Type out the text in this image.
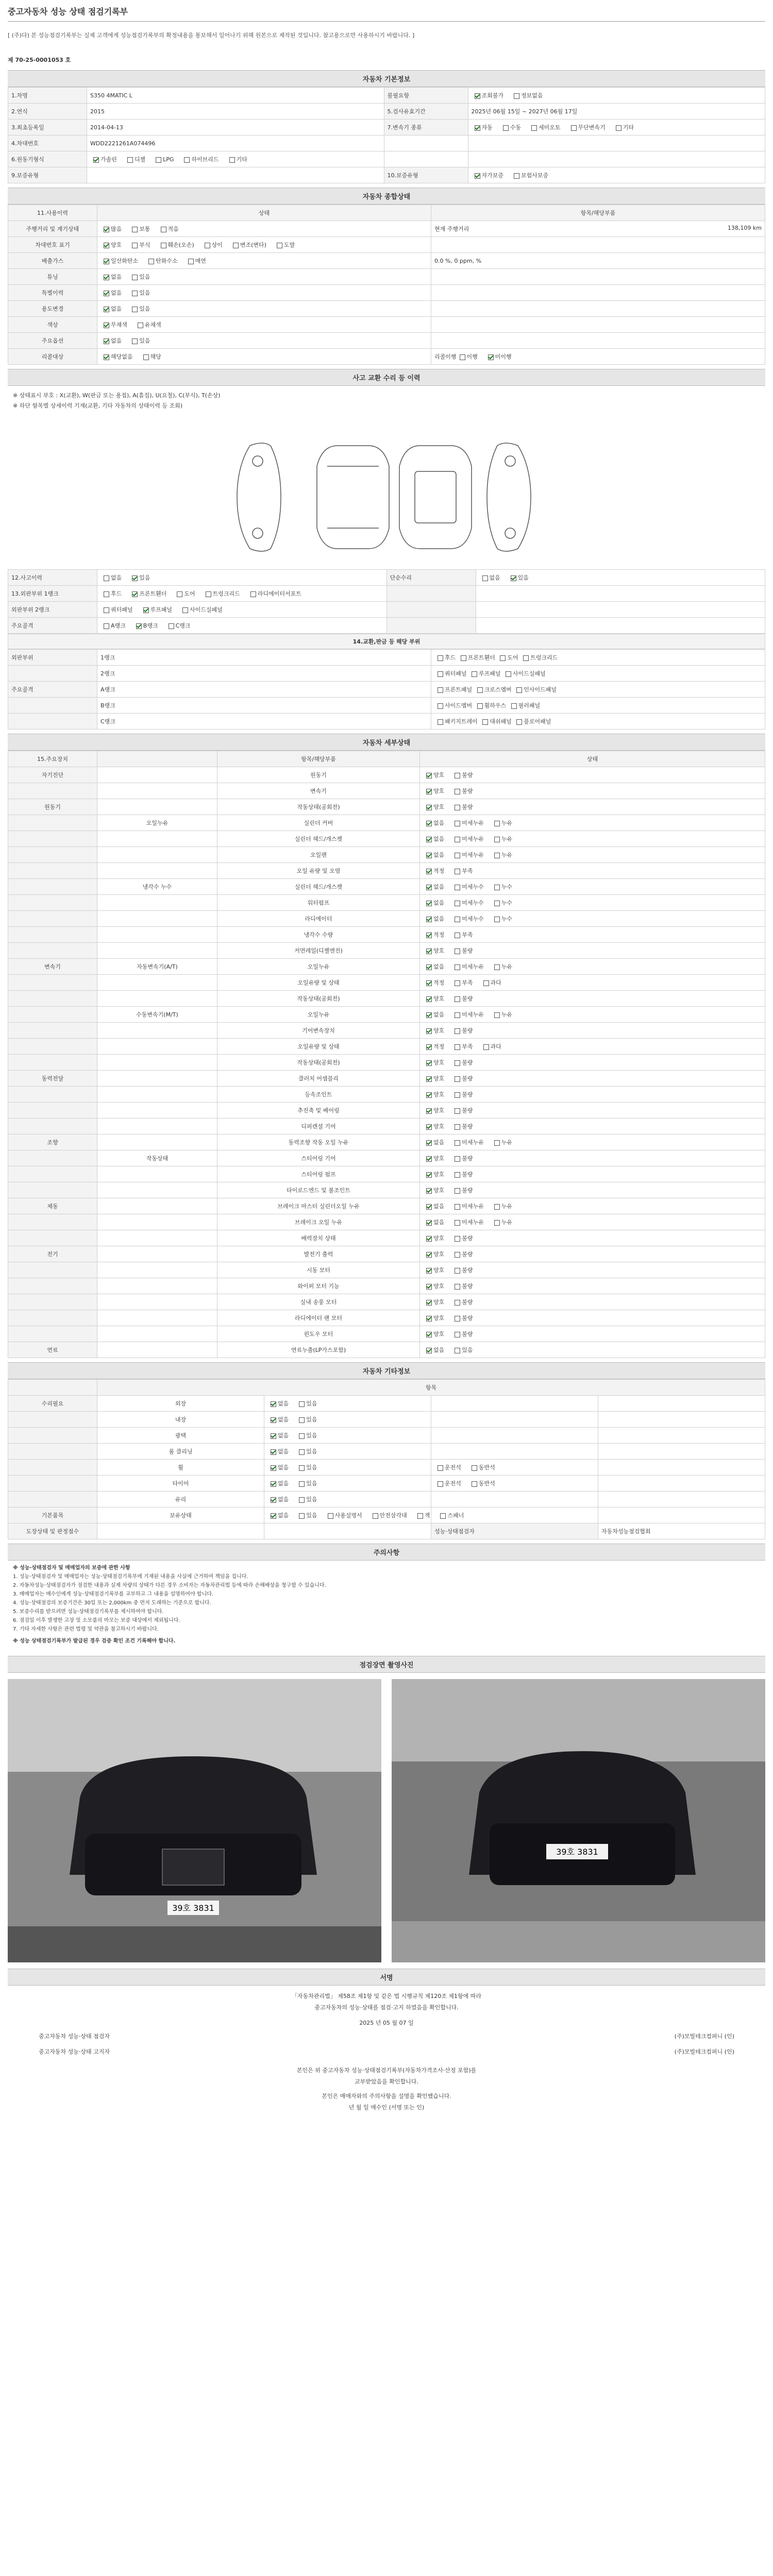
중고자동차 성능 상태 점검기록부
[ (주)다) 본 성능점검기록부는 실제 고객에게 성능점검기록부의 확정내용을 통보해서 일어나기 위해 원본으로 제작된 것입니다. 참고용으로만 사용하시기 바랍니다. ]
제 70-25-0001053 호
자동차 기본정보
1.차명	S350 4MATIC L	불필요항	조회불가 정보없음
2.연식	2015	5.검사유효기간	2025년 06월 15일 ~ 2027년 06월 17일
3.최초등록일	2014-04-13	7.변속기 종류	자동 수동 세미오토 무단변속기 기타
4.차대번호	WDD2221261A074496		
6.원동기형식	가솔린 디젤 LPG 하이브리드 기타		
9.보증유형		10.보증유형	자가보증 보험사보증
자동차 종합상태
11.사용이력	상태	항목/해당부품
주행거리 및 계기상태	많음 보통 적음	현재 주행거리 138,109 km

차대번호 표기	양호 부식 훼손(오손) 상이 변조(변타) 도말	
배출가스	일산화탄소 탄화수소 매연	0.0 %, 0 ppm, %
튜닝	없음 있음	
특별이력	없음 있음	
용도변경	없음 있음	
색상	무채색 유채색	
주요옵션	없음 있음	
리콜대상	해당없음 해당	리콜이행 이행 미이행
사고 교환 수리 등 이력
※ 상태표시 부호 : X(교환), W(판금 또는 용접), A(흠집), U(요철), C(부식), T(손상)
※ 하단 항목별 상세이력 기재(교환, 기타 자동차의 상태이력 등 조회)
12.사고이력	없음 있음	단순수리	없음 있음
13.외판부위 1랭크	후드 프론트휀더 도어 트렁크리드 라디에이터서포트		
외판부위 2랭크	쿼터패널 루프패널 사이드실패널		
주요골격	A랭크 B랭크 C랭크		
14.교환,판금 등 해당 부위
외판부위	1랭크	후드 프론트휀더 도어 트렁크리드
	2랭크	쿼터패널 루프패널 사이드실패널
주요골격	A랭크	프론트패널 크로스멤버 인사이드패널
	B랭크	사이드멤버 휠하우스 필러패널
	C랭크	패키지트레이 대쉬패널 플로어패널
자동차 세부상태
15.주요장치		항목/해당부품	상태
자기진단		원동기	양호 불량
		변속기	양호 불량
원동기		작동상태(공회전)	양호 불량
	오일누유	실린더 커버	없음 미세누유 누유
		실린더 헤드/개스켓	없음 미세누유 누유
		오일팬	없음 미세누유 누유
		오일 유량 및 오염	적정 부족
	냉각수 누수	실린더 헤드/개스켓	없음 미세누수 누수
		워터펌프	없음 미세누수 누수
		라디에이터	없음 미세누수 누수
		냉각수 수량	적정 부족
		커먼레일(디젤엔진)	양호 불량
변속기	자동변속기(A/T)	오일누유	없음 미세누유 누유
		오일유량 및 상태	적정 부족 과다
		작동상태(공회전)	양호 불량
	수동변속기(M/T)	오일누유	없음 미세누유 누유
		기어변속장치	양호 불량
		오일유량 및 상태	적정 부족 과다
		작동상태(공회전)	양호 불량
동력전달		클러치 어셈블리	양호 불량
		등속조인트	양호 불량
		추진축 및 베어링	양호 불량
		디퍼렌셜 기어	양호 불량
조향		동력조향 작동 오일 누유	없음 미세누유 누유
	작동상태	스티어링 기어	양호 불량
		스티어링 펌프	양호 불량
		타이로드엔드 및 볼조인트	양호 불량
제동		브레이크 마스터 실린더오일 누유	없음 미세누유 누유
		브레이크 오일 누유	없음 미세누유 누유
		배력장치 상태	양호 불량
전기		발전기 출력	양호 불량
		시동 모터	양호 불량
		와이퍼 모터 기능	양호 불량
		실내 송풍 모터	양호 불량
		라디에이터 팬 모터	양호 불량
		윈도우 모터	양호 불량
연료		연료누출(LP가스포함)	없음 있음
자동차 기타정보
	항목			
수리필요	외장	없음 있음		
	내장	없음 있음		
	광택	없음 있음		
	룸 클리닝	없음 있음		
	휠	없음 있음	운전석 동반석	
	타이어	없음 있음	운전석 동반석	
	유리	없음 있음		
기본품목	보유상태	없음 있음 사용설명서 안전삼각대 잭 스패너		
도장상태 및 판정점수			성능·상태점검자	자동차성능점검협회
주의사항
※ 성능·상태점검자 및 매매업자의 보증에 관한 사항
1. 성능·상태점검자 및 매매업자는 성능·상태점검기록부에 기재된 내용을 사실에 근거하여 책임을 집니다.
2. 자동차성능·상태점검자가 점검한 내용과 실제 차량의 상태가 다른 경우 소비자는 자동차관리법 등에 따라 손해배상을 청구할 수 있습니다.
3. 매매업자는 매수인에게 성능·상태점검기록부를 교부하고 그 내용을 설명하여야 합니다.
4. 성능·상태점검의 보증기간은 30일 또는 2,000km 중 먼저 도래하는 기준으로 합니다.
5. 보증수리를 받으려면 성능·상태점검기록부를 제시하여야 합니다.
6. 점검일 이후 발생한 고장 및 소모품의 마모는 보증 대상에서 제외됩니다.
7. 기타 자세한 사항은 관련 법령 및 약관을 참고하시기 바랍니다.
※ 성능 상태점검기록부가 발급된 경우 검증 확인 조건 기록해야 합니다.
점검장면 촬영사진
39호 3831
39호 3831
서명
「자동차관리법」 제58조 제1항 및 같은 법 시행규칙 제120조 제1항에 따라
중고자동차의 성능·상태를 점검·고지 하였음을 확인합니다.
2025 년 05 월 07 일
중고자동차 성능·상태 점검자	(주)모빌테크컴퍼니 (인)
중고자동차 성능·상태 고지자	(주)모빌테크컴퍼니 (인)
본인은 위 중고자동차 성능·상태점검기록부(자동차가격조사·산정 포함)를
교부받았음을 확인합니다.
본인은 매매자와의 주의사항을 설명을 확인했습니다.
년 월 일 매수인 (서명 또는 인)
